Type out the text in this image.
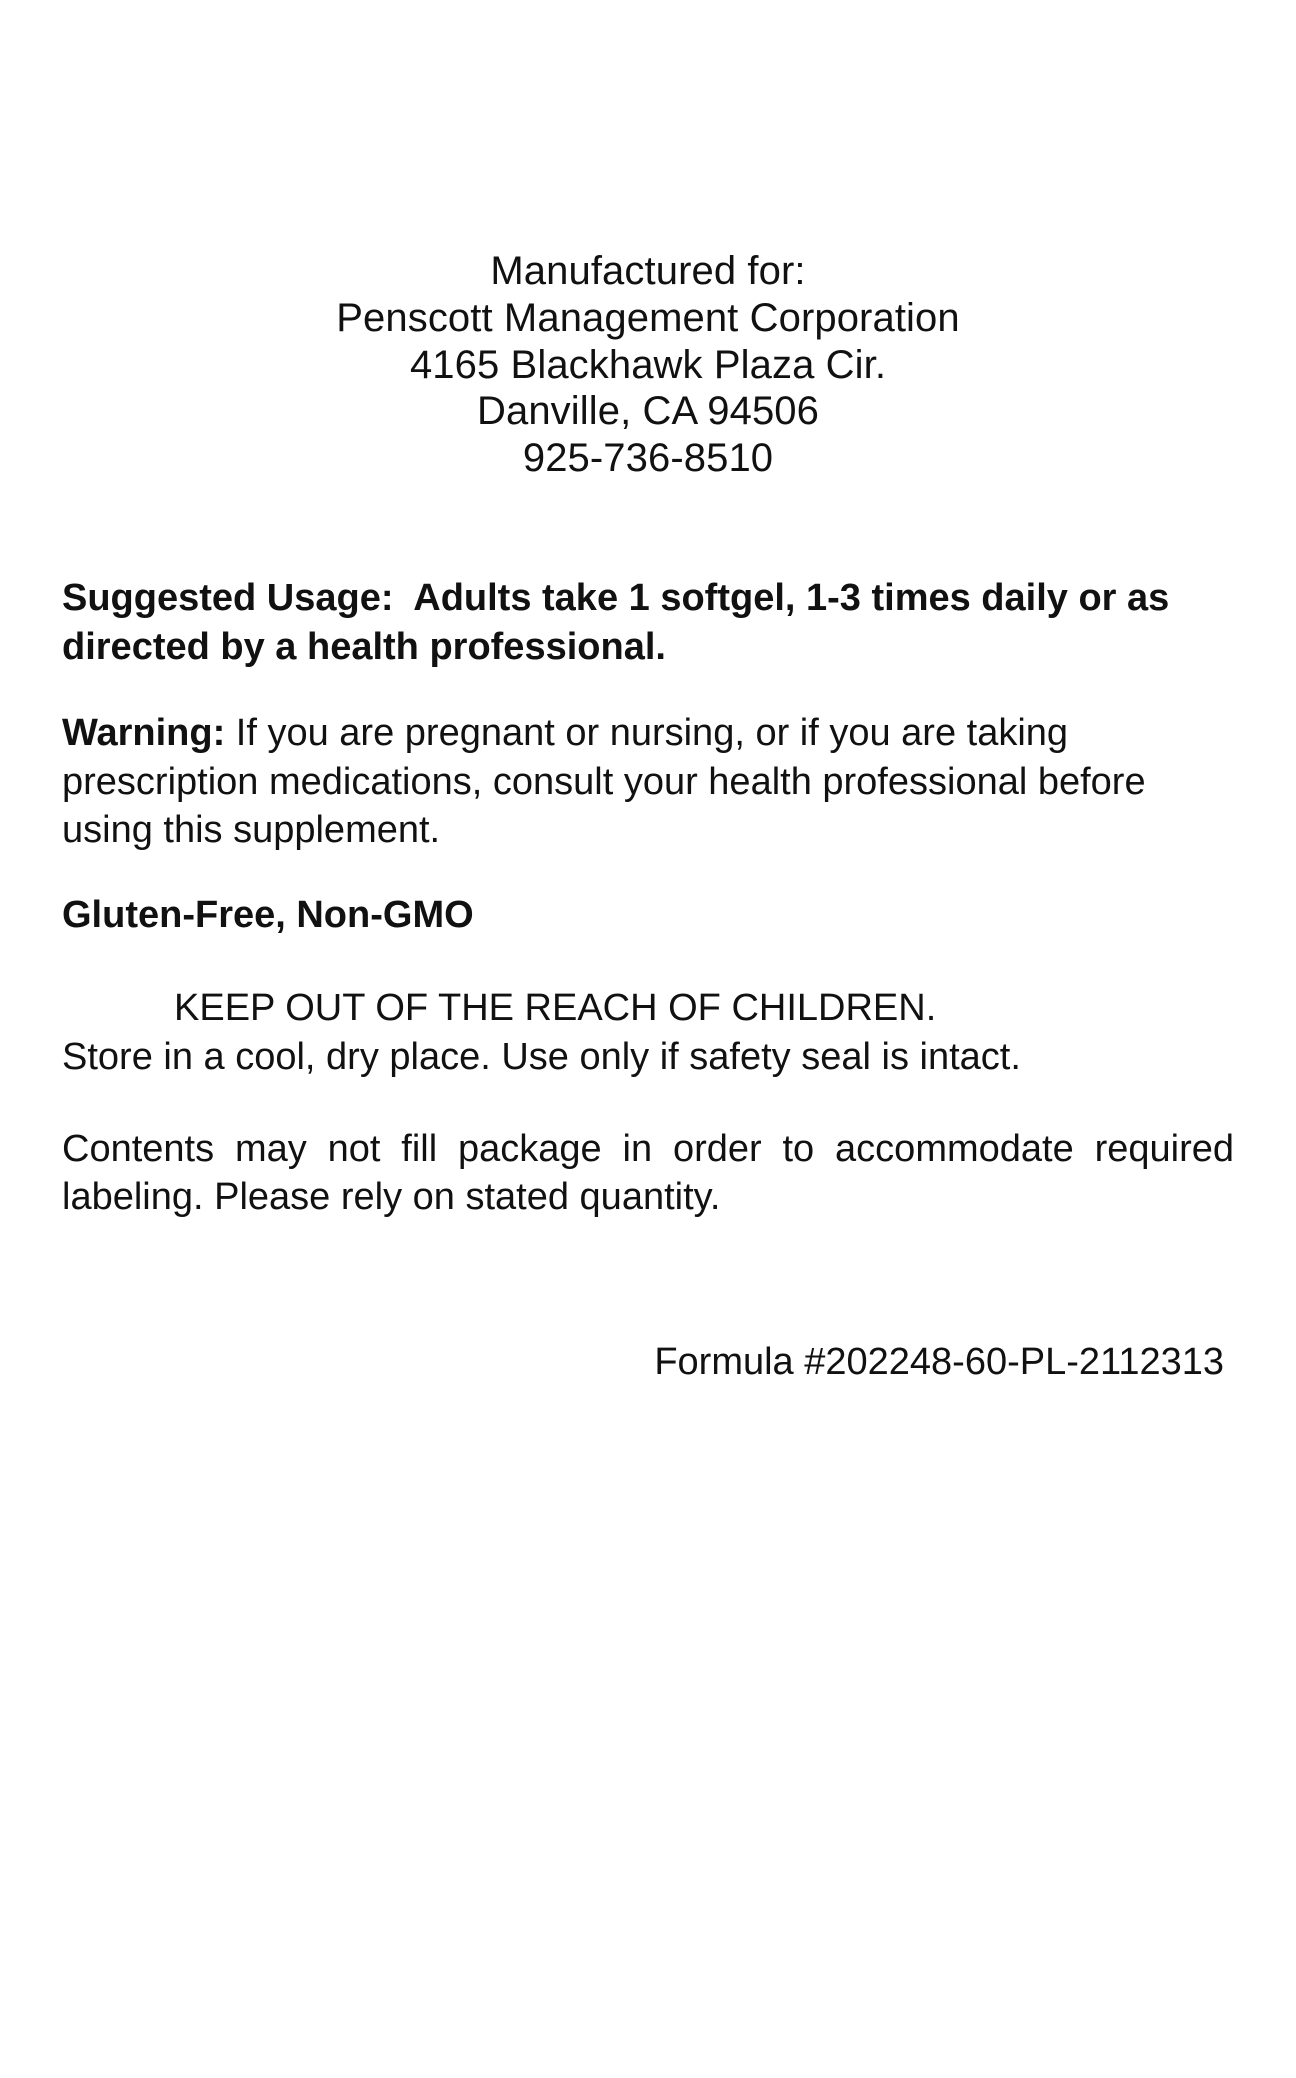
Manufactured for:
Penscott Management Corporation
4165 Blackhawk Plaza Cir.
Danville, CA 94506
925-736-8510

Suggested Usage: Adults take 1 softgel, 1-3 times daily or as directed by a health professional.

Warning: If you are pregnant or nursing, or if you are taking prescription medications, consult your health professional before using this supplement.

Gluten-Free, Non-GMO

KEEP OUT OF THE REACH OF CHILDREN.
Store in a cool, dry place. Use only if safety seal is intact.

Contents may not fill package in order to accommodate required labeling. Please rely on stated quantity.

Formula #202248-60-PL-2112313
